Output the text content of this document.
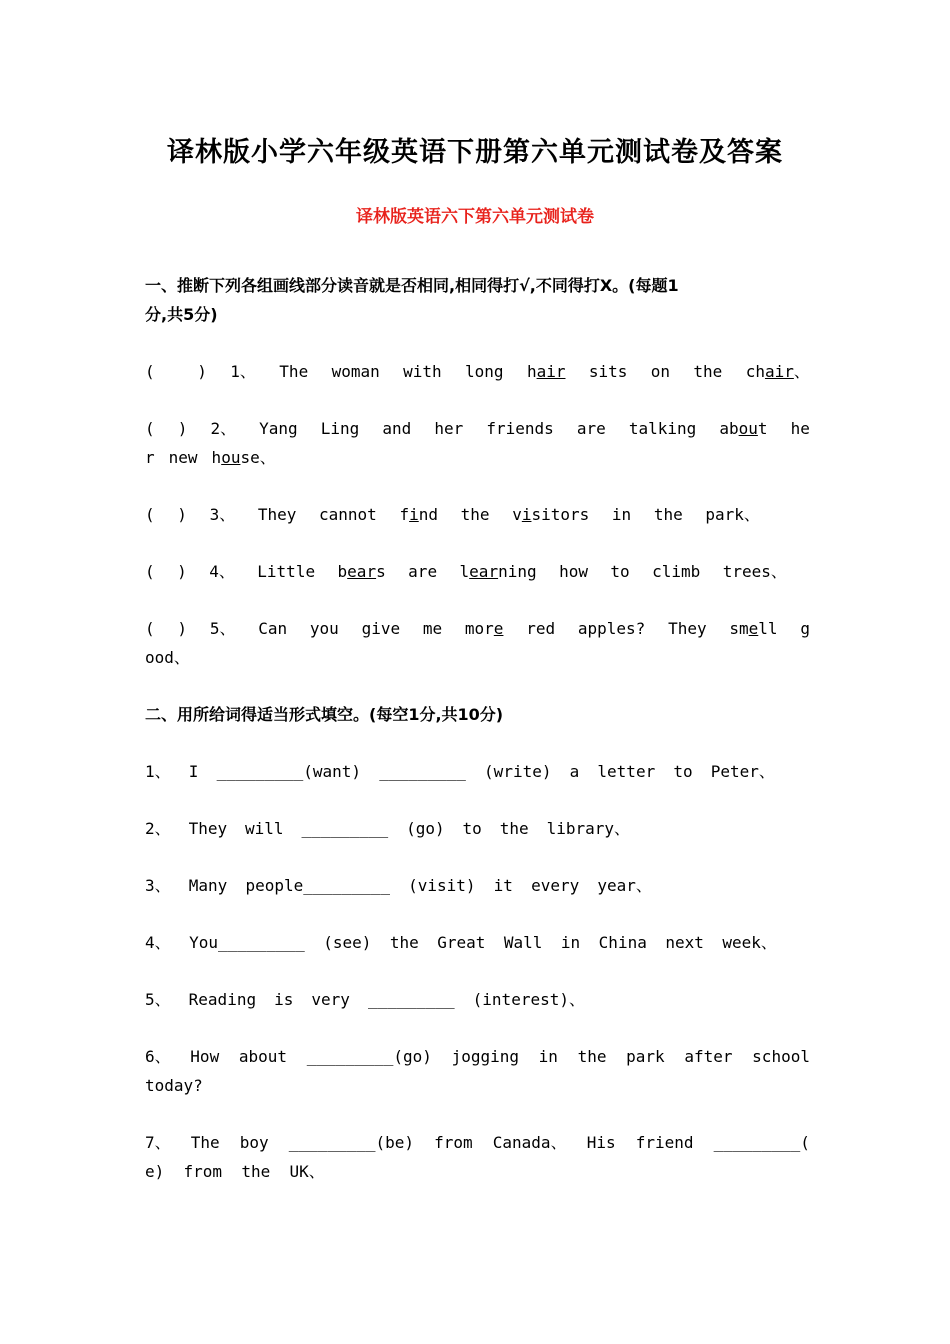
译林版小学六年级英语下册第六单元测试卷及答案
译林版英语六下第六单元测试卷
一、推断下列各组画线部分读音就是否相同,相同得打√,不同得打X。(每题1
分,共5分)
( ) 1、 The woman with long hair sits on the chair、
( ) 2、 Yang Ling and her friends are talking about he
r new house、
( ) 3、 They cannot find the visitors in the park、
( ) 4、 Little bears are learning how to climb trees、
( ) 5、 Can you give me more red apples? They smell g
ood、
二、用所给词得适当形式填空。(每空1分,共10分)
1、 I _________(want) _________ (write) a letter to Peter、
2、 They will _________ (go) to the library、
3、 Many people_________ (visit) it every year、
4、 You_________ (see) the Great Wall in China next week、
5、 Reading is very _________ (interest)、
6、 How about _________(go) jogging in the park after school
today?
7、 The boy _________(be) from Canada、 His friend _________(
e)  from  the  UK、
